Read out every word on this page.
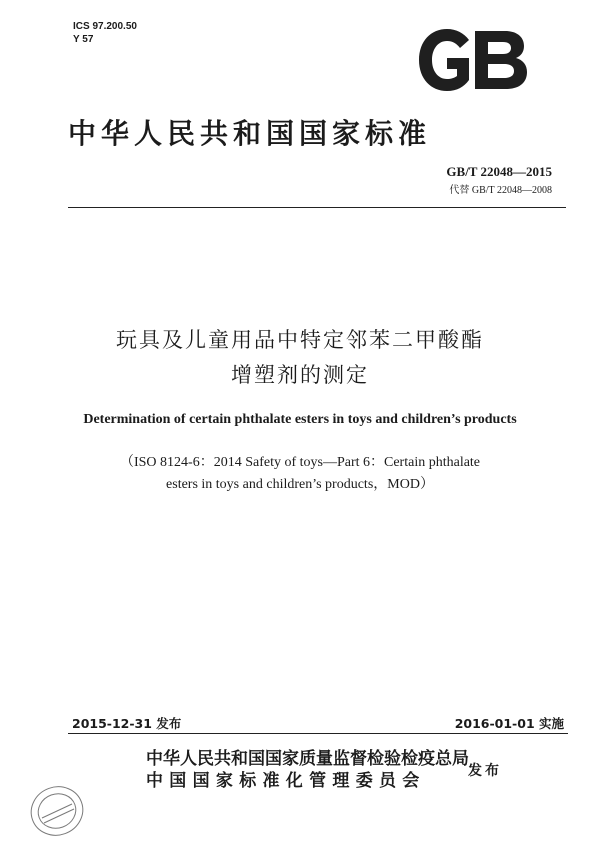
ICS 97.200.50
Y 57
中华人民共和国国家标准
GB/T 22048—2015
代替 GB/T 22048—2008
玩具及儿童用品中特定邻苯二甲酸酯
增塑剂的测定
Determination of certain phthalate esters in toys and children’s products
（ISO 8124-6：2014 Safety of toys—Part 6：Certain phthalate
esters in toys and children’s products，MOD）
2015-12-31 发布	2016-01-01 实施
中华人民共和国国家质量监督检验检疫总局
中国国家标准化管理委员会	发布
